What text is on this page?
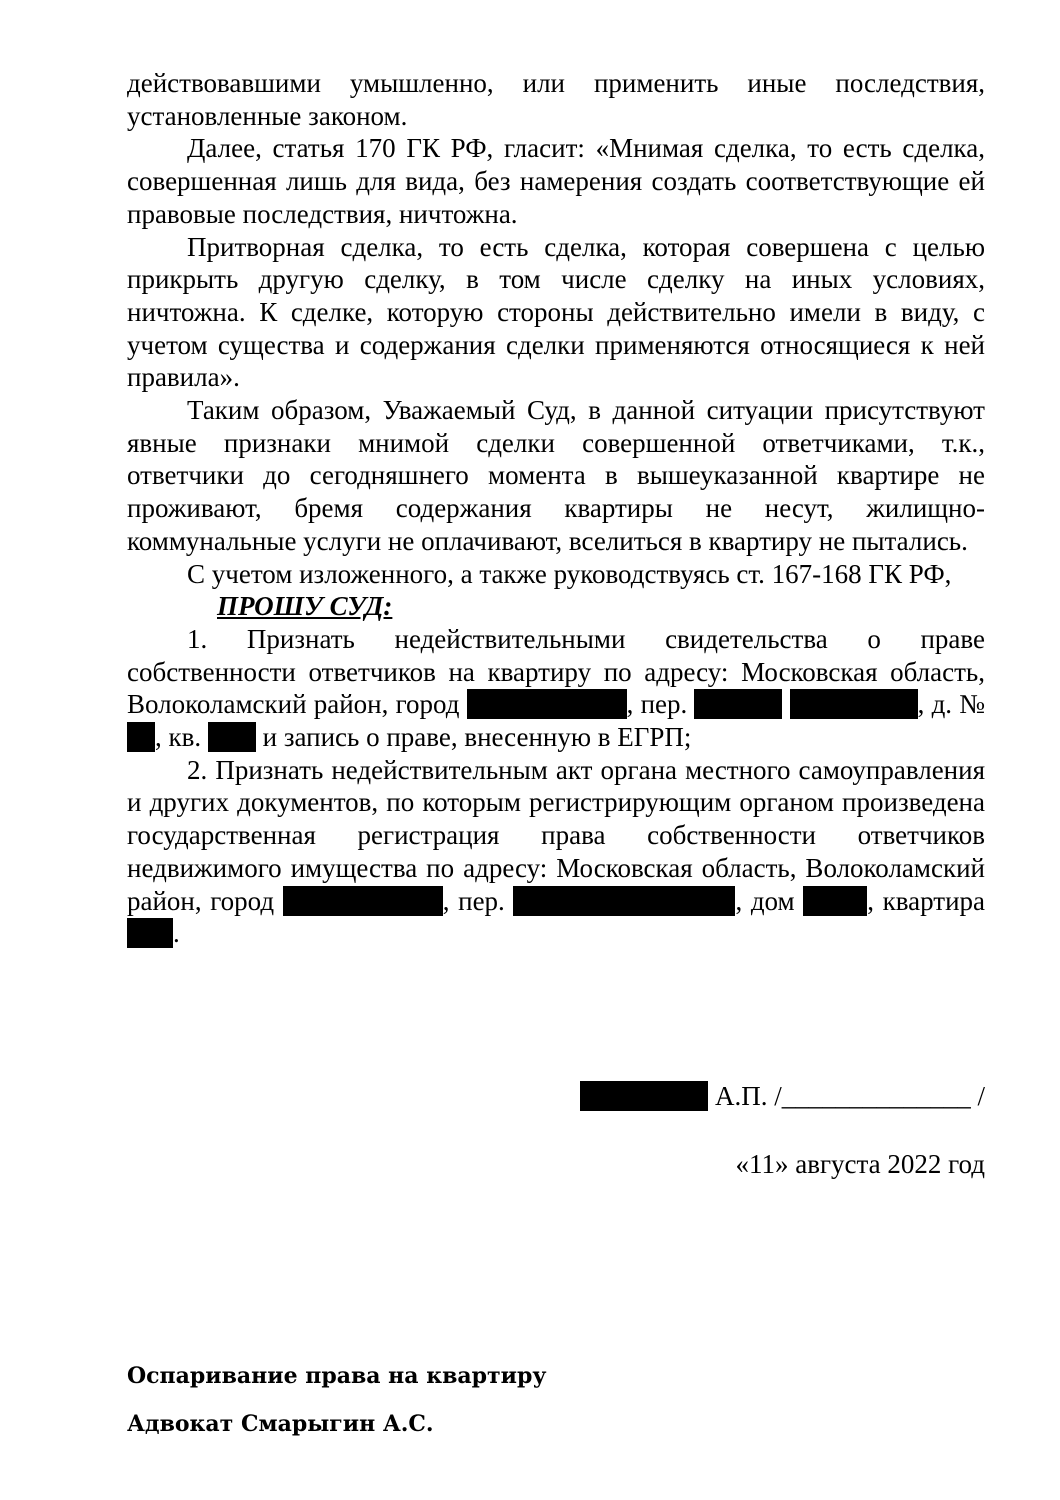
действовавшими умышленно, или применить иные последствия, установленные законом.

Далее, статья 170 ГК РФ, гласит: «Мнимая сделка, то есть сделка, совершенная лишь для вида, без намерения создать соответствующие ей правовые последствия, ничтожна.

Притворная сделка, то есть сделка, которая совершена с целью прикрыть другую сделку, в том числе сделку на иных условиях, ничтожна. К сделке, которую стороны действительно имели в виду, с учетом существа и содержания сделки применяются относящиеся к ней правила».

Таким образом, Уважаемый Суд, в данной ситуации присутствуют явные признаки мнимой сделки совершенной ответчиками, т.к., ответчики до сегодняшнего момента в вышеуказанной квартире не проживают, бремя содержания квартиры не несут, жилищно-коммунальные услуги не оплачивают, вселиться в квартиру не пытались.

С учетом изложенного, а также руководствуясь ст. 167-168 ГК РФ,

ПРОШУ СУД:

1. Признать недействительными свидетельства о праве собственности ответчиков на квартиру по адресу: Московская область, Волоколамский район, город	, пер.	, д. № , кв.  и запись о праве, внесенную в ЕГРП;

2. Признать недействительным акт органа местного самоуправления и других документов, по которым регистрирующим органом произведена государственная регистрация права собственности ответчиков недвижимого имущества по адресу: Московская область, Волоколамский район, город	, пер.	, дом , квартира .

А.П. /______________ /
«11» августа 2022 год
Оспаривание права на квартиру
Адвокат Смарыгин А.С.
